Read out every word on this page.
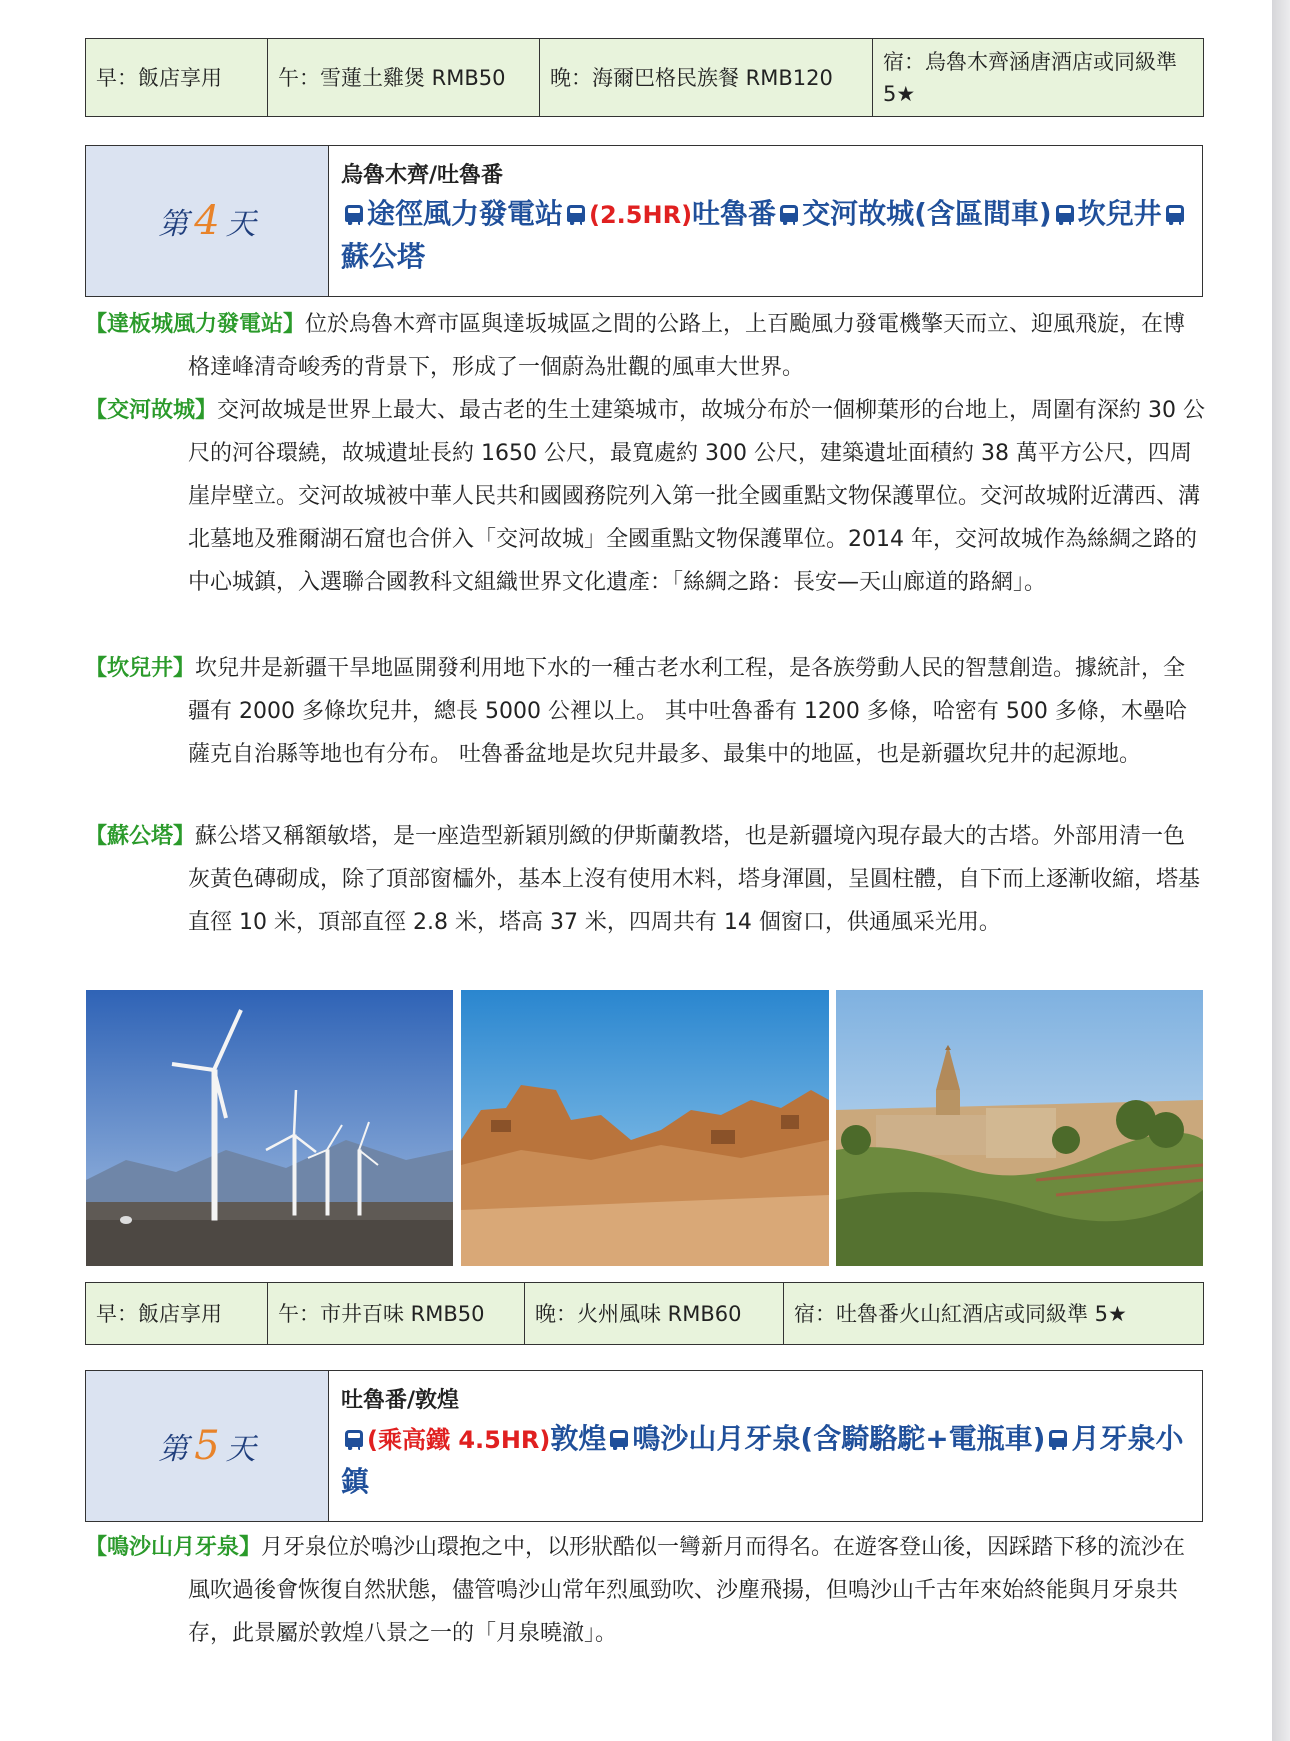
早：飯店享用	午：雪蓮土雞煲 RMB50	晚：海爾巴格民族餐 RMB120	宿：烏魯木齊涵唐酒店或同級準 5★
第 4 天
烏魯木齊/吐魯番
途徑風力發電站 (2.5HR)吐魯番 交河故城(含區間車) 坎兒井蘇公塔
【達板城風力發電站】位於烏魯木齊市區與達坂城區之間的公路上，上百颱風力發電機擎天而立、迎風飛旋，在博格達峰清奇峻秀的背景下，形成了一個蔚為壯觀的風車大世界。
【交河故城】交河故城是世界上最大、最古老的生土建築城市，故城分布於一個柳葉形的台地上，周圍有深約 30 公尺的河谷環繞，故城遺址長約 1650 公尺，最寬處約 300 公尺，建築遺址面積約 38 萬平方公尺，四周崖岸壁立。交河故城被中華人民共和國國務院列入第一批全國重點文物保護單位。交河故城附近溝西、溝北墓地及雅爾湖石窟也合併入「交河故城」全國重點文物保護單位。2014 年，交河故城作為絲綢之路的中心城鎮，入選聯合國教科文組織世界文化遺產：「絲綢之路：長安—天山廊道的路網」。
【坎兒井】坎兒井是新疆干旱地區開發利用地下水的一種古老水利工程，是各族勞動人民的智慧創造。據統計，全疆有 2000 多條坎兒井，總長 5000 公裡以上。 其中吐魯番有 1200 多條，哈密有 500 多條，木壘哈薩克自治縣等地也有分布。 吐魯番盆地是坎兒井最多、最集中的地區，也是新疆坎兒井的起源地。
【蘇公塔】蘇公塔又稱額敏塔，是一座造型新穎別緻的伊斯蘭教塔，也是新疆境內現存最大的古塔。外部用清一色灰黃色磚砌成，除了頂部窗櫺外，基本上沒有使用木料，塔身渾圓，呈圓柱體，自下而上逐漸收縮，塔基直徑 10 米，頂部直徑 2.8 米，塔高 37 米，四周共有 14 個窗口，供通風采光用。
早：飯店享用	午：市井百味 RMB50	晚：火州風味 RMB60	宿：吐魯番火山紅酒店或同級準 5★
第 5 天
吐魯番/敦煌
(乘高鐵 4.5HR)敦煌 鳴沙山月牙泉(含騎駱駝+電瓶車) 月牙泉小鎮
【鳴沙山月牙泉】月牙泉位於鳴沙山環抱之中，以形狀酷似一彎新月而得名。在遊客登山後，因踩踏下移的流沙在風吹過後會恢復自然狀態，儘管鳴沙山常年烈風勁吹、沙塵飛揚，但鳴沙山千古年來始終能與月牙泉共存，此景屬於敦煌八景之一的「月泉曉澈」。
